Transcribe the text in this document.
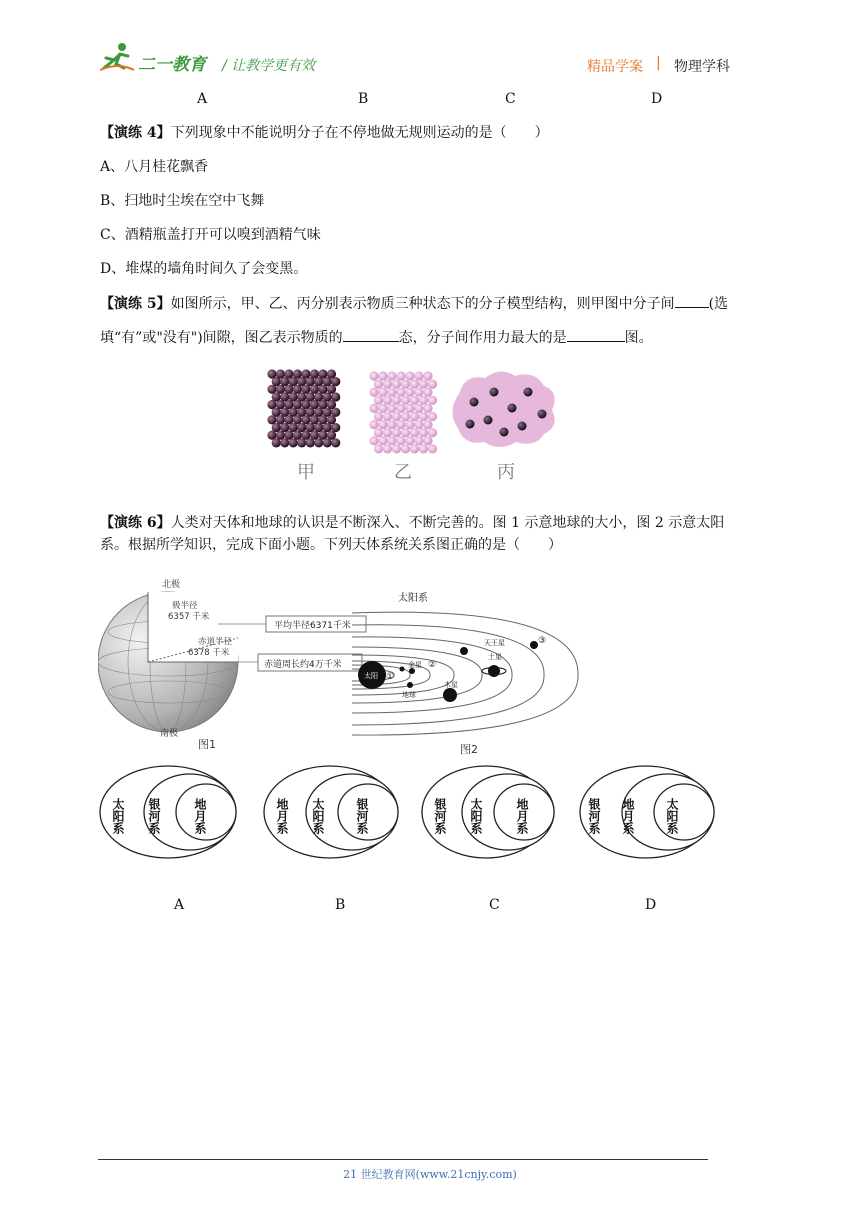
二一教育 / 让教学更有效	精品学案 | 物理学科
A	B	C	D
【演练 4】下列现象中不能说明分子在不停地做无规则运动的是（　　）
A、八月桂花飘香
B、扫地时尘埃在空中飞舞
C、酒精瓶盖打开可以嗅到酒精气味
D、堆煤的墙角时间久了会变黑。
【演练 5】如图所示，甲、乙、丙分别表示物质三种状态下的分子模型结构，则甲图中分子间 (选
填“有”或"没有")间隙，图乙表示物质的	态，分子间作用力最大的是	图。
甲	乙	丙
【演练 6】人类对天体和地球的认识是不断深入、不断完善的。图 1 示意地球的大小，图 2 示意太阳
系。根据所学知识，完成下面小题。下列天体系统关系图正确的是（　　）
北极
极半径
6357 千米
赤道半径
6378 千米
平均半径6371千米
赤道周长约4万千米
南极
图1
太阳系
太阳 ①
金星
地球
②
木星
土星
天王星	③
图2
太阳系 银河系	地月系	地月系 太阳系	银河系	银河系 太阳系	地月系	银河系 地月系	太阳系
A	B	C	D
21 世纪教育网(www.21cnjy.com)
